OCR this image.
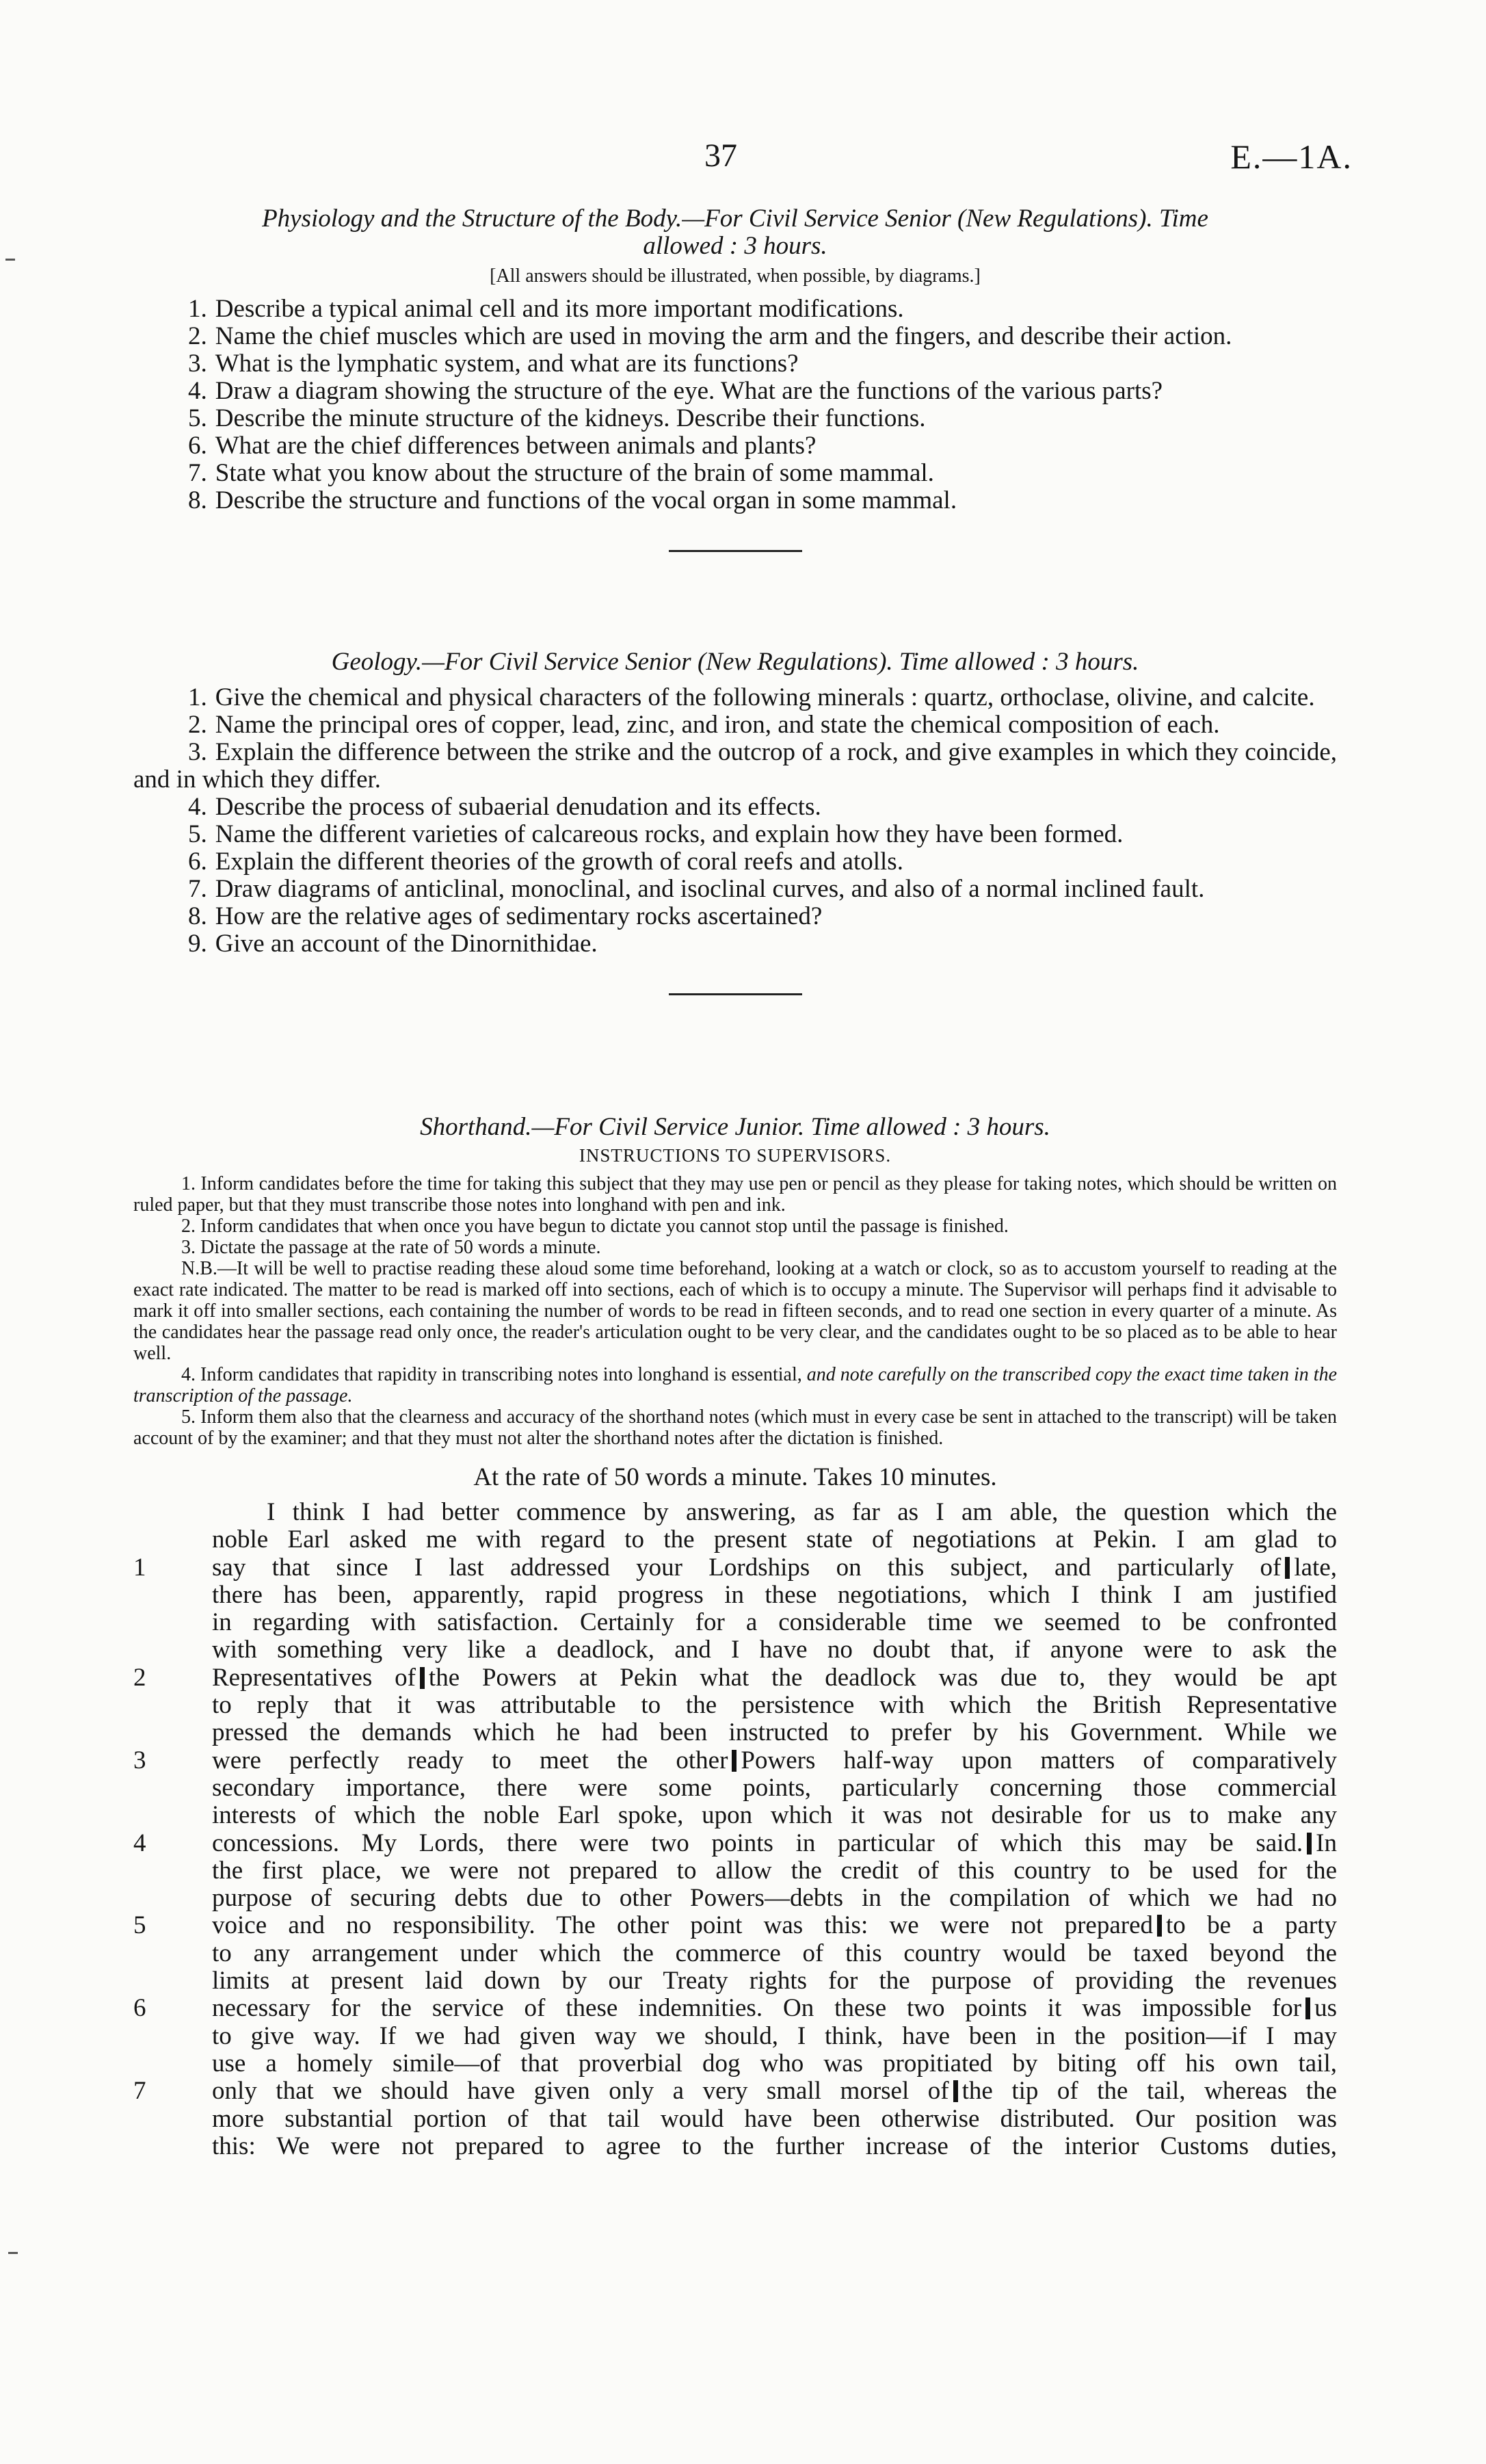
37	E.—1A.
Physiology and the Structure of the Body.—For Civil Service Senior (New Regulations). Time
allowed : 3 hours.
[All answers should be illustrated, when possible, by diagrams.]
1. Describe a typical animal cell and its more important modifications.
2. Name the chief muscles which are used in moving the arm and the fingers, and describe their action.
3. What is the lymphatic system, and what are its functions?
4. Draw a diagram showing the structure of the eye. What are the functions of the various parts?
5. Describe the minute structure of the kidneys. Describe their functions.
6. What are the chief differences between animals and plants?
7. State what you know about the structure of the brain of some mammal.
8. Describe the structure and functions of the vocal organ in some mammal.
Geology.—For Civil Service Senior (New Regulations). Time allowed : 3 hours.
1. Give the chemical and physical characters of the following minerals : quartz, orthoclase, olivine, and calcite.
2. Name the principal ores of copper, lead, zinc, and iron, and state the chemical composition of each.
3. Explain the difference between the strike and the outcrop of a rock, and give examples in which they coincide, and in which they differ.
4. Describe the process of subaerial denudation and its effects.
5. Name the different varieties of calcareous rocks, and explain how they have been formed.
6. Explain the different theories of the growth of coral reefs and atolls.
7. Draw diagrams of anticlinal, monoclinal, and isoclinal curves, and also of a normal inclined fault.
8. How are the relative ages of sedimentary rocks ascertained?
9. Give an account of the Dinornithidae.
Shorthand.—For Civil Service Junior. Time allowed : 3 hours.
INSTRUCTIONS TO SUPERVISORS.
1. Inform candidates before the time for taking this subject that they may use pen or pencil as they please for taking notes, which should be written on ruled paper, but that they must transcribe those notes into longhand with pen and ink.
2. Inform candidates that when once you have begun to dictate you cannot stop until the passage is finished.
3. Dictate the passage at the rate of 50 words a minute.
N.B.—It will be well to practise reading these aloud some time beforehand, looking at a watch or clock, so as to accustom yourself to reading at the exact rate indicated. The matter to be read is marked off into sections, each of which is to occupy a minute. The Supervisor will perhaps find it advisable to mark it off into smaller sections, each containing the number of words to be read in fifteen seconds, and to read one section in every quarter of a minute. As the candidates hear the passage read only once, the reader's articulation ought to be very clear, and the candidates ought to be so placed as to be able to hear well.
4. Inform candidates that rapidity in transcribing notes into longhand is essential, and note carefully on the transcribed copy the exact time taken in the transcription of the passage.
5. Inform them also that the clearness and accuracy of the shorthand notes (which must in every case be sent in attached to the transcript) will be taken account of by the examiner; and that they must not alter the shorthand notes after the dictation is finished.
At the rate of 50 words a minute. Takes 10 minutes.
I think I had better commence by answering, as far as I am able, the question which the
noble Earl asked me with regard to the present state of negotiations at Pekin. I am glad to
1	say that since I last addressed your Lordships on this subject, and particularly of late,
there has been, apparently, rapid progress in these negotiations, which I think I am justified
in regarding with satisfaction. Certainly for a considerable time we seemed to be confronted
with something very like a deadlock, and I have no doubt that, if anyone were to ask the
2	Representatives of the Powers at Pekin what the deadlock was due to, they would be apt
to reply that it was attributable to the persistence with which the British Representative
pressed the demands which he had been instructed to prefer by his Government. While we
3	were perfectly ready to meet the other Powers half-way upon matters of comparatively
secondary importance, there were some points, particularly concerning those commercial
interests of which the noble Earl spoke, upon which it was not desirable for us to make any
4	concessions. My Lords, there were two points in particular of which this may be said. In
the first place, we were not prepared to allow the credit of this country to be used for the
purpose of securing debts due to other Powers—debts in the compilation of which we had no
5	voice and no responsibility. The other point was this: we were not prepared to be a party
to any arrangement under which the commerce of this country would be taxed beyond the
limits at present laid down by our Treaty rights for the purpose of providing the revenues
6	necessary for the service of these indemnities. On these two points it was impossible for us
to give way. If we had given way we should, I think, have been in the position—if I may
use a homely simile—of that proverbial dog who was propitiated by biting off his own tail,
7	only that we should have given only a very small morsel of the tip of the tail, whereas the
more substantial portion of that tail would have been otherwise distributed. Our position was
this: We were not prepared to agree to the further increase of the interior Customs duties,
